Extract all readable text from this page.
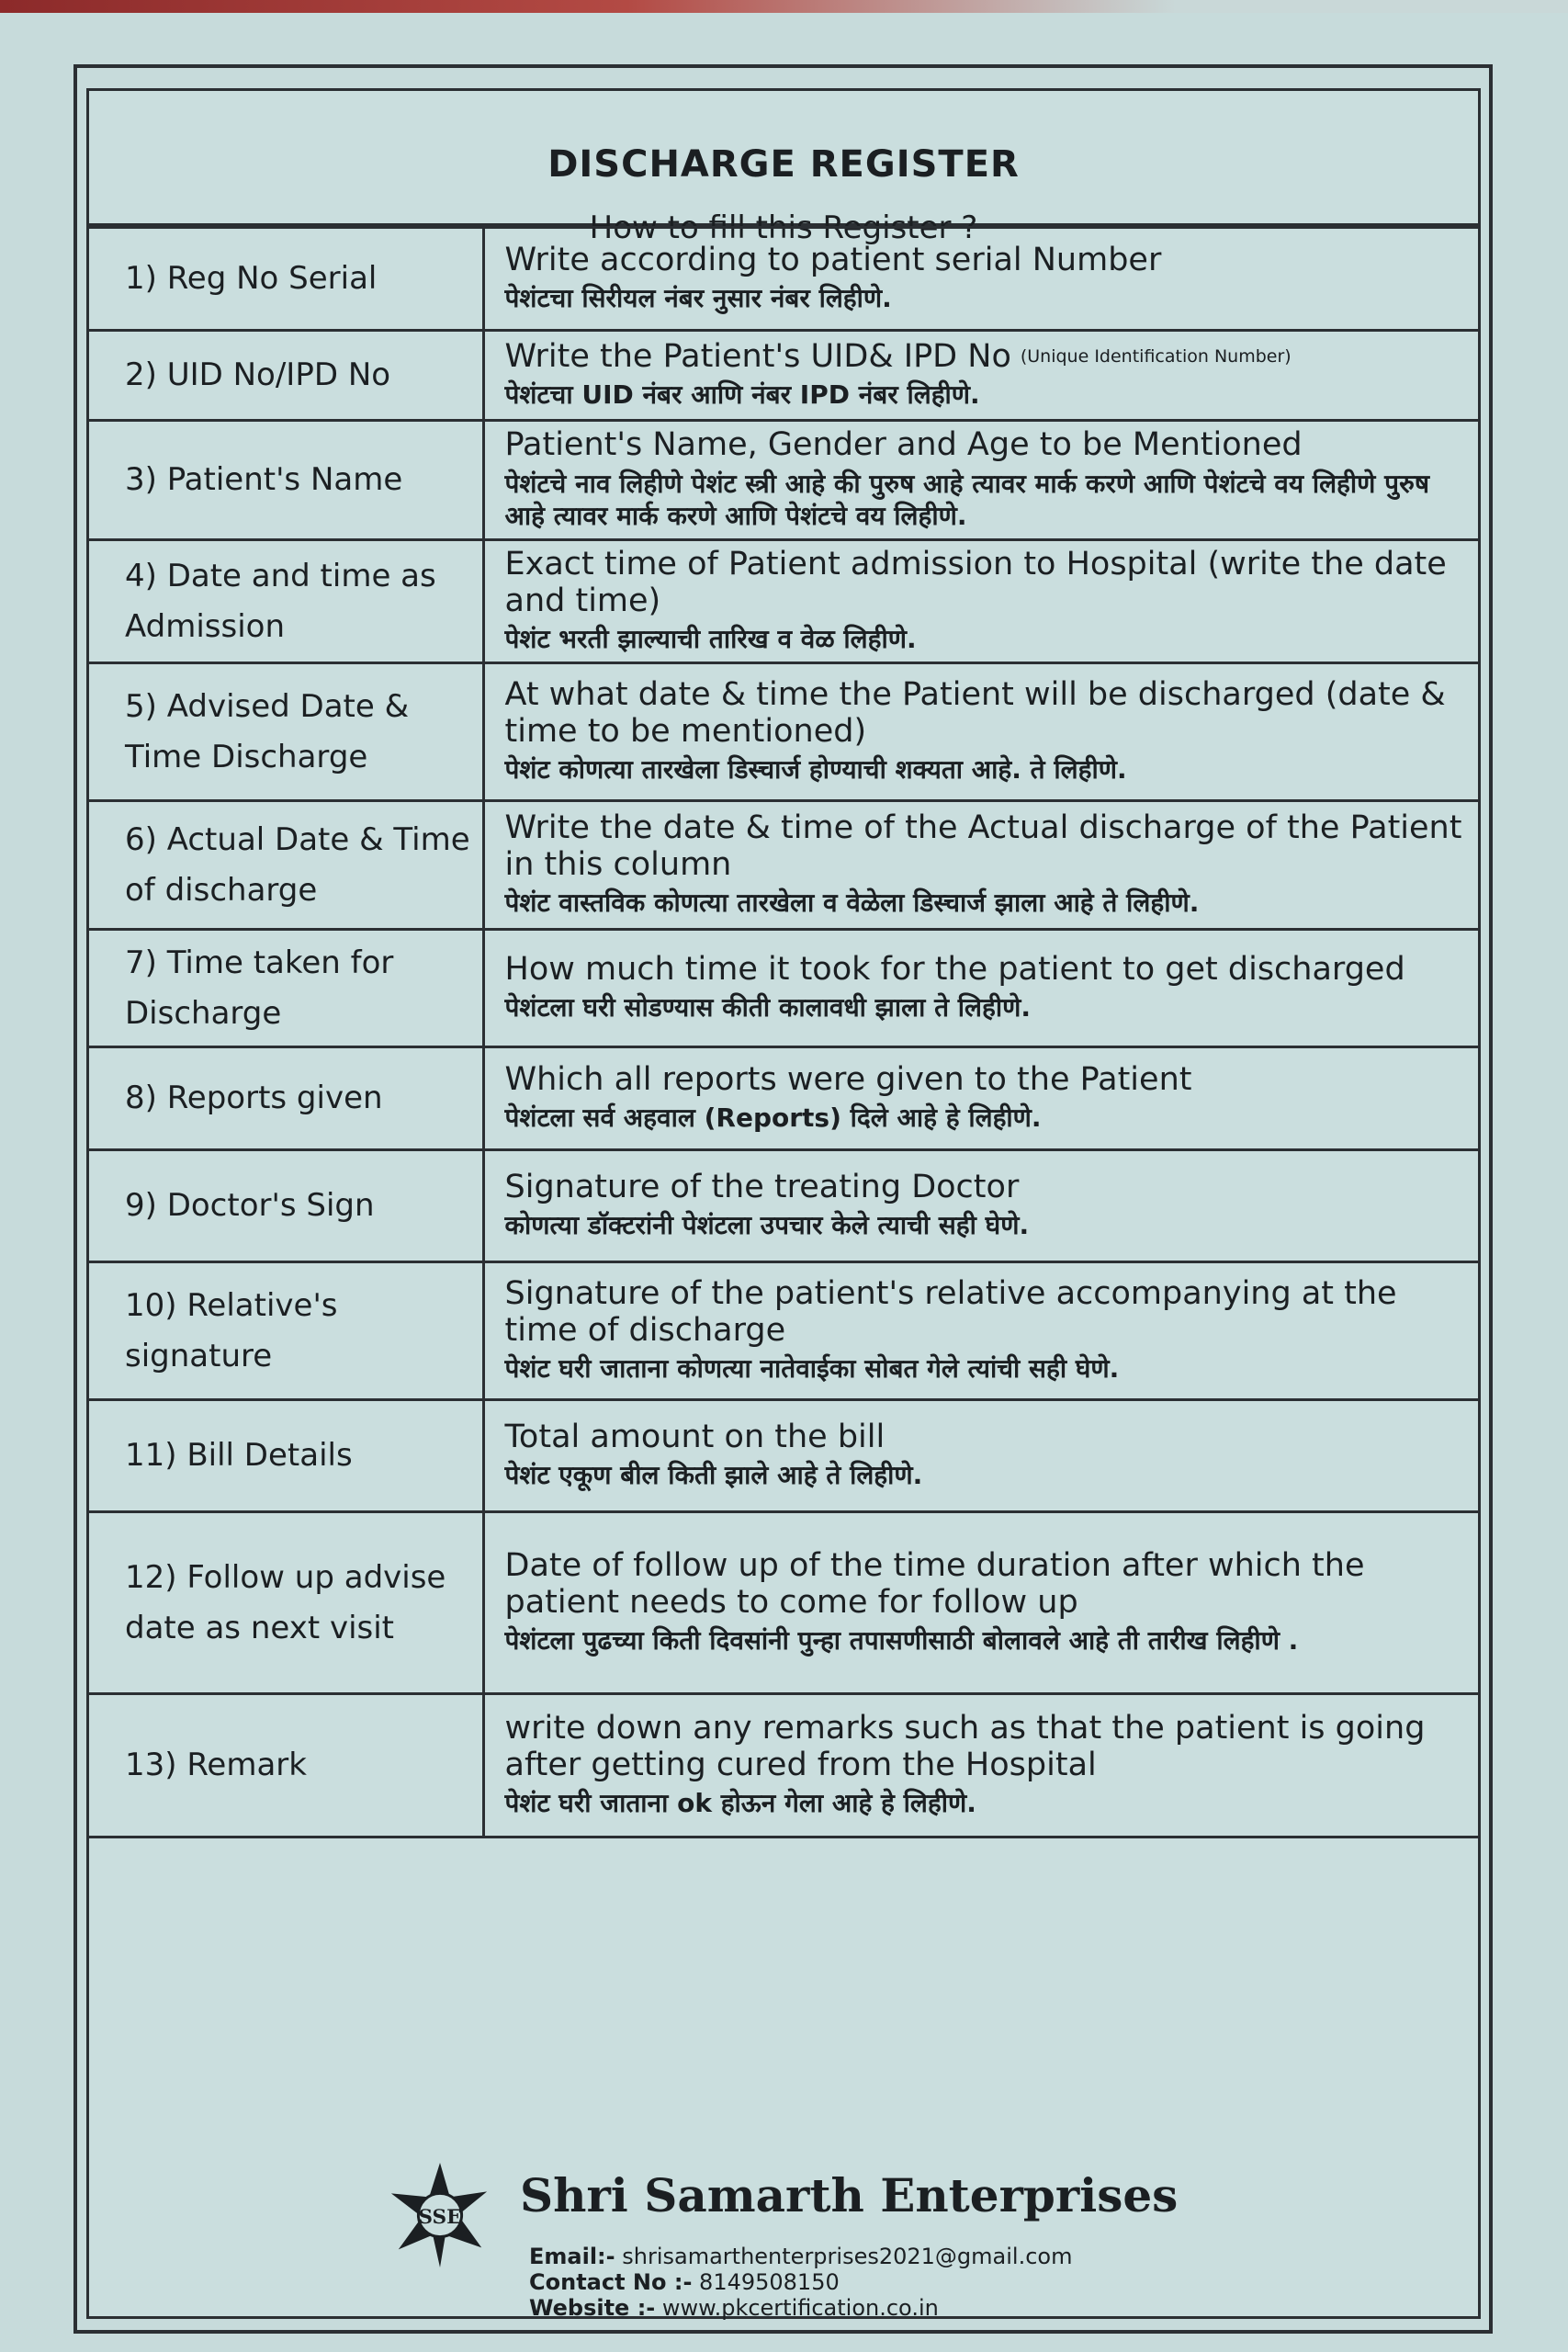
DISCHARGE REGISTER
How to fill this Register ?
1) Reg No Serial	Write according to patient serial Number
पेशंटचा सिरीयल नंबर नुसार नंबर लिहीणे.

2) UID No/IPD No	Write the Patient's UID& IPD No (Unique Identification Number)
पेशंटचा UID नंबर आणि नंबर IPD नंबर लिहीणे.

3) Patient's Name	Patient's Name, Gender and Age to be Mentioned
पेशंटचे नाव लिहीणे पेशंट स्त्री आहे की पुरुष आहे त्यावर मार्क करणे आणि पेशंटचे वय लिहीणे पुरुष आहे त्यावर मार्क करणे आणि पेशंटचे वय लिहीणे.

4) Date and time as Admission	Exact time of Patient admission to Hospital (write the date and time)
पेशंट भरती झाल्याची तारिख व वेळ लिहीणे.

5) Advised Date & Time Discharge	At what date & time the Patient will be discharged (date & time to be mentioned)
पेशंट कोणत्या तारखेला डिस्चार्ज होण्याची शक्यता आहे. ते लिहीणे.

6) Actual Date & Time of discharge	Write the date & time of the Actual discharge of the Patient in this column
पेशंट वास्तविक कोणत्या तारखेला व वेळेला डिस्चार्ज झाला आहे ते लिहीणे.

7) Time taken for Discharge	How much time it took for the patient to get discharged
पेशंटला घरी सोडण्यास कीती कालावधी झाला ते लिहीणे.

8) Reports given	Which all reports were given to the Patient
पेशंटला सर्व अहवाल (Reports) दिले आहे हे लिहीणे.

9) Doctor's Sign	Signature of the treating Doctor
कोणत्या डॉक्टरांनी पेशंटला उपचार केले त्याची सही घेणे.

10) Relative's signature	Signature of the patient's relative accompanying at the time of discharge
पेशंट घरी जाताना कोणत्या नातेवाईका सोबत गेले त्यांची सही घेणे.

11) Bill Details	Total amount on the bill
पेशंट एकूण बील किती झाले आहे ते लिहीणे.

12) Follow up advise date as next visit	Date of follow up of the time duration after which the patient needs to come for follow up
पेशंटला पुढच्या किती दिवसांनी पुन्हा तपासणीसाठी बोलावले आहे ती तारीख लिहीणे .

13) Remark	write down any remarks such as that the patient is going after getting cured from the Hospital
पेशंट घरी जाताना ok होऊन गेला आहे हे लिहीणे.
SSE Shri Samarth Enterprises
Email:- shrisamarthenterprises2021@gmail.com
Contact No :- 8149508150
Website :- www.pkcertification.co.in
